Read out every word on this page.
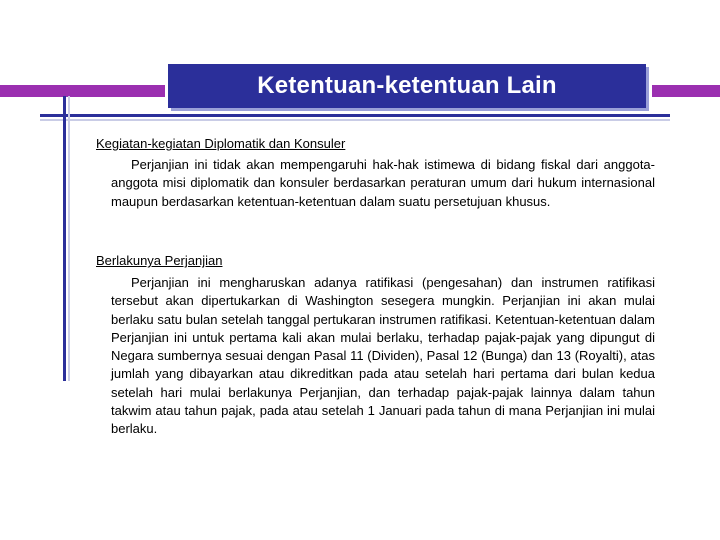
Ketentuan-ketentuan Lain
Kegiatan-kegiatan Diplomatik dan Konsuler
Perjanjian ini tidak akan mempengaruhi hak-hak istimewa di bidang fiskal dari anggota-anggota misi diplomatik dan konsuler berdasarkan peraturan umum dari hukum internasional maupun berdasarkan ketentuan-ketentuan dalam suatu persetujuan khusus.
Berlakunya Perjanjian
Perjanjian ini mengharuskan adanya ratifikasi (pengesahan) dan instrumen ratifikasi tersebut akan dipertukarkan di Washington sesegera mungkin. Perjanjian ini akan mulai berlaku satu bulan setelah tanggal pertukaran instrumen ratifikasi. Ketentuan-ketentuan dalam Perjanjian ini untuk pertama kali akan mulai berlaku, terhadap pajak-pajak yang dipungut di Negara sumbernya sesuai dengan Pasal 11 (Dividen), Pasal 12 (Bunga) dan 13 (Royalti), atas jumlah yang dibayarkan atau dikreditkan pada atau setelah hari pertama dari bulan kedua setelah hari mulai berlakunya Perjanjian, dan terhadap pajak-pajak lainnya dalam tahun takwim atau tahun pajak, pada atau setelah 1 Januari pada tahun di mana Perjanjian ini mulai berlaku.
